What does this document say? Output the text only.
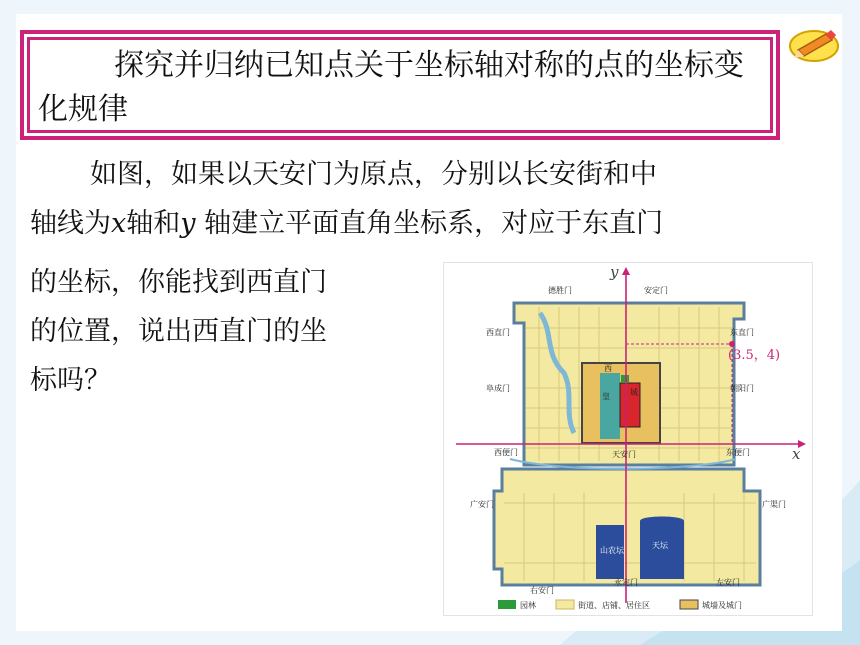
探究并归纳已知点关于坐标轴对称的点的坐标变化规律
如图，如果以天安门为原点，分别以长安街和中
轴线为x轴和y 轴建立平面直角坐标系，对应于东直门
的坐标，你能找到西直门
的位置，说出西直门的坐
标吗？	西
皇	城
山农坛
天坛
x
y
(3.5，4)
德胜门	安定门
西直门	东直门
阜成门	朝阳门
西便门	东便门
天安门
广安门	广渠门
右安门
永定门	左安门
园林	街道、店铺、居住区	城墙及城门
